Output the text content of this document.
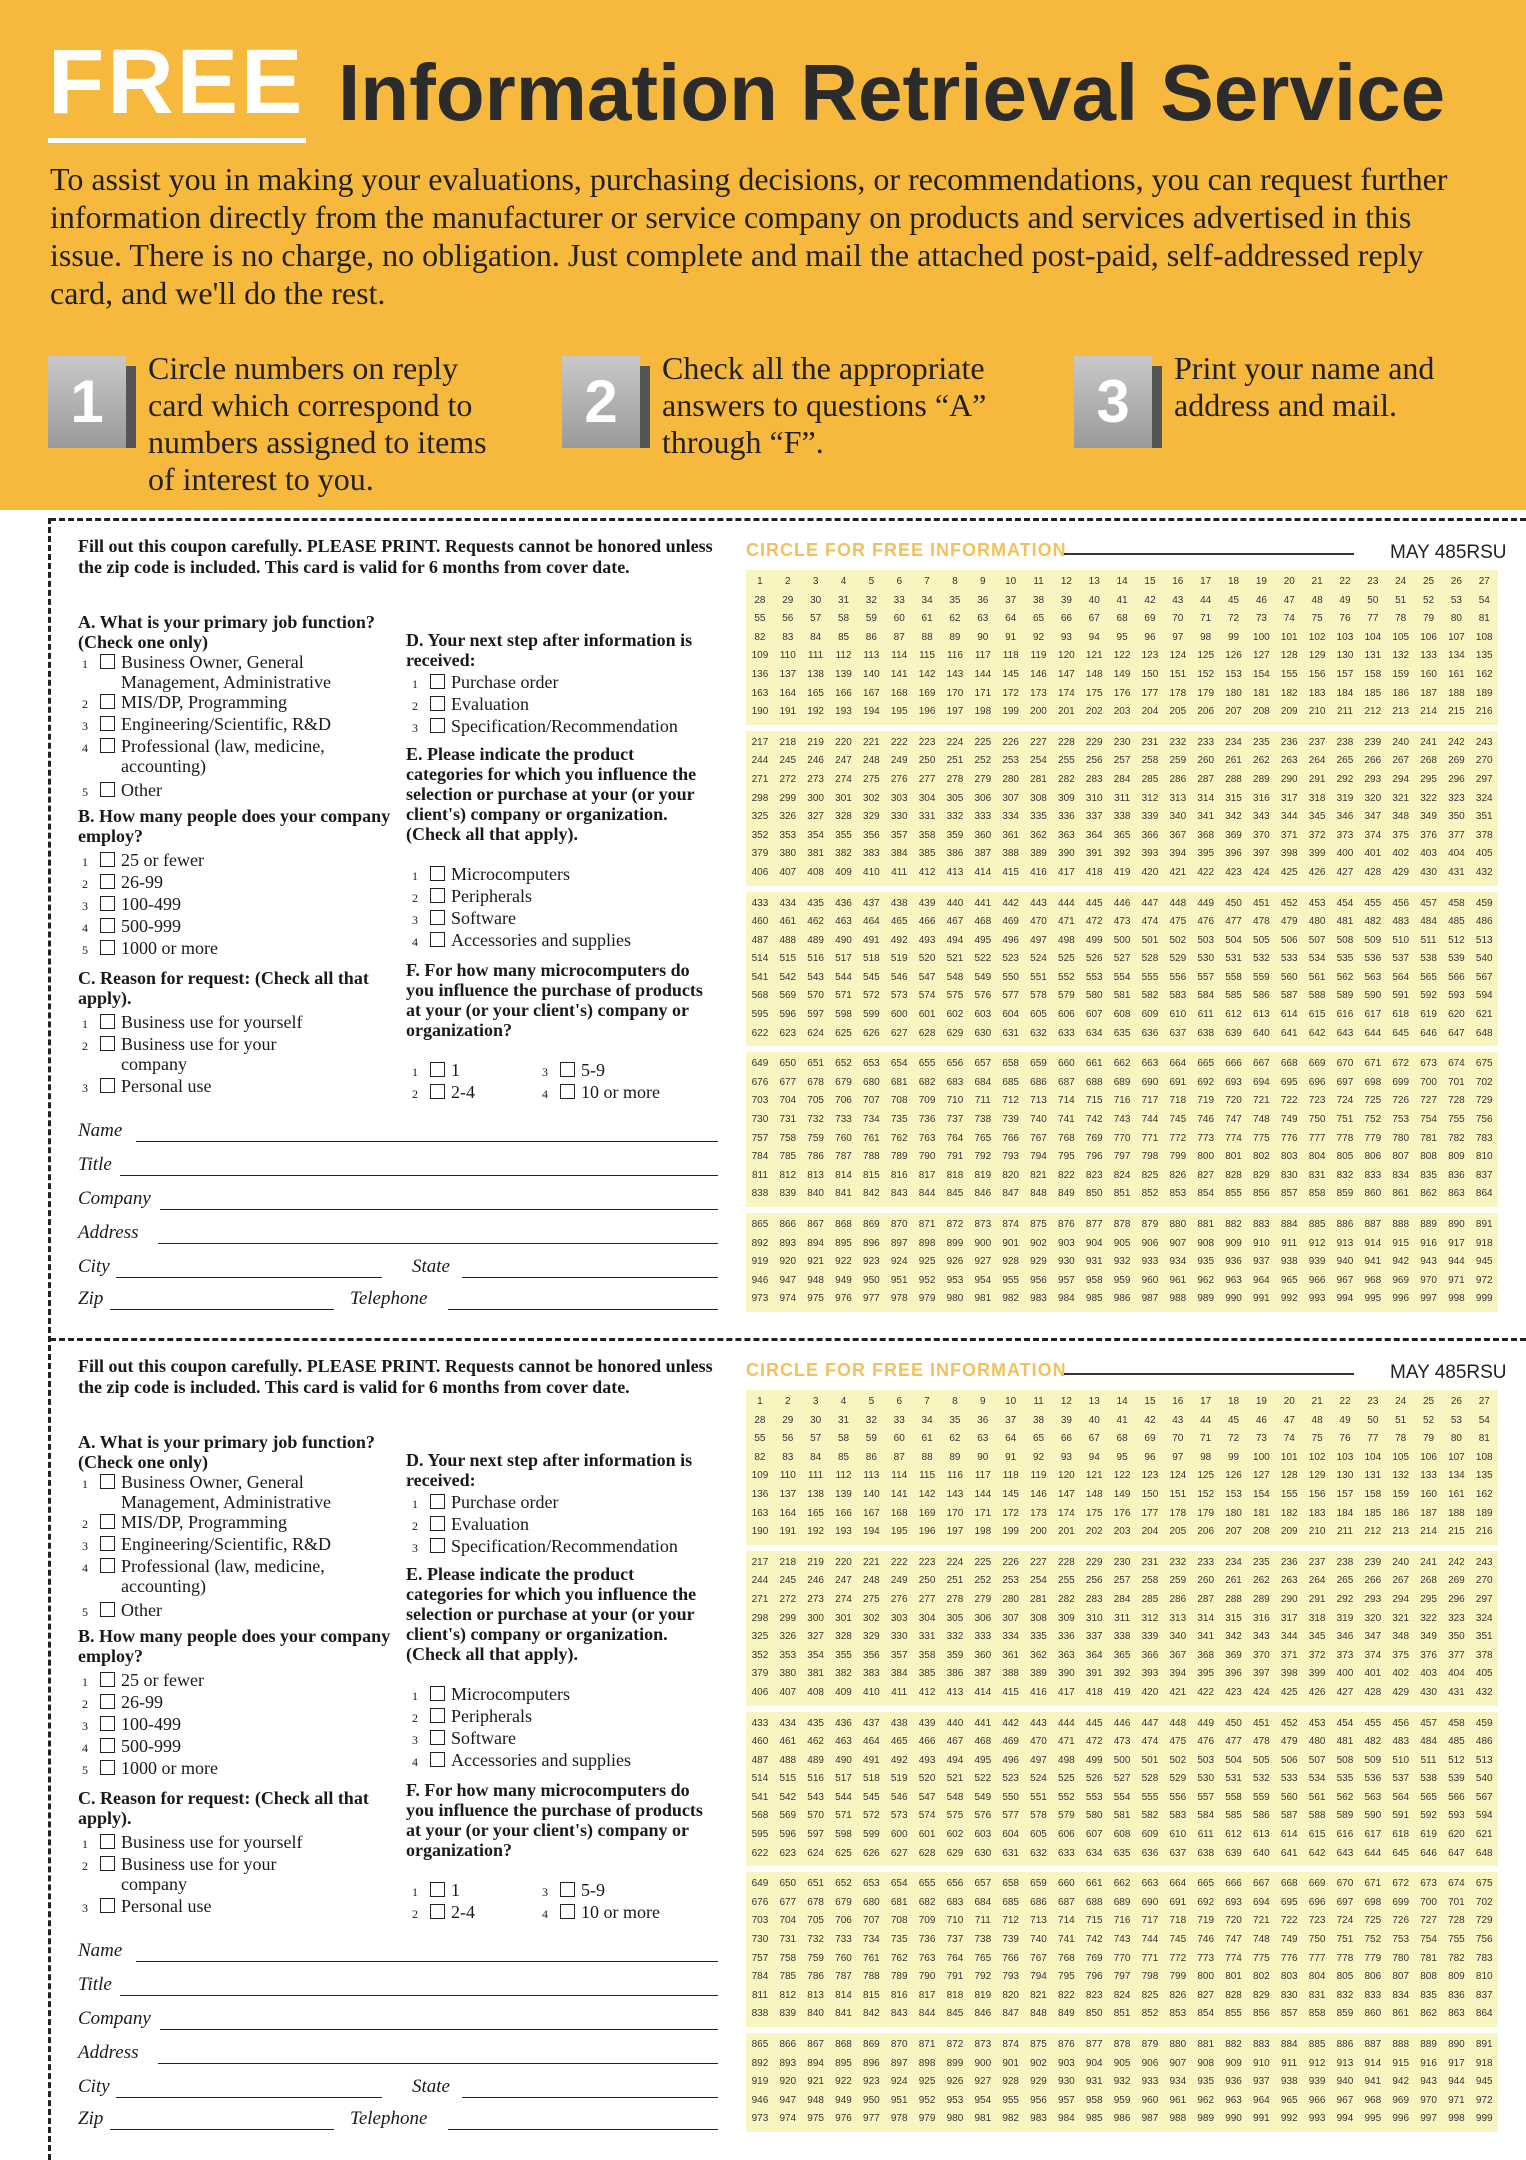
FREE Information Retrieval Service
To assist you in making your evaluations, purchasing decisions, or recommendations, you can request further information directly from the manufacturer or service company on products and services advertised in this issue. There is no charge, no obligation. Just complete and mail the attached post-paid, self-addressed reply card, and we'll do the rest.
1	Circle numbers on reply card which correspond to numbers assigned to items of interest to you.
2	Check all the appropriate answers to questions “A” through “F”.
3	Print your name and address and mail.
Fill out this coupon carefully. PLEASE PRINT. Requests cannot be honored unless the zip code is included. This card is valid for 6 months from cover date.
A. What is your primary job function? (Check one only)
1 Business Owner, General Management, Administrative
2 MIS/DP, Programming
3 Engineering/Scientific, R&D
4 Professional (law, medicine, accounting)
5 Other
B. How many people does your company employ?
1 25 or fewer
2 26-99
3 100-499
4 500-999
5 1000 or more
C. Reason for request: (Check all that apply).
1 Business use for yourself
2 Business use for your company
3 Personal use
D. Your next step after information is received:
1 Purchase order
2 Evaluation
3 Specification/Recommendation
E. Please indicate the product categories for which you influence the selection or purchase at your (or your client's) company or organization. (Check all that apply).
1 Microcomputers
2 Peripherals
3 Software
4 Accessories and supplies
F. For how many microcomputers do you influence the purchase of products at your (or your client's) company or organization?
1 1
2 2-4
3 5-9
4 10 or more
Name
Title
Company
Address
City	State
Zip	Telephone
CIRCLE FOR FREE INFORMATION	MAY 485RSU
1	2	3	4	5	6	7	8	9	10	11	12	13	14	15	16	17	18	19	20	21	22	23	24	25	26	27
28	29	30	31	32	33	34	35	36	37	38	39	40	41	42	43	44	45	46	47	48	49	50	51	52	53	54
55	56	57	58	59	60	61	62	63	64	65	66	67	68	69	70	71	72	73	74	75	76	77	78	79	80	81
82	83	84	85	86	87	88	89	90	91	92	93	94	95	96	97	98	99	100	101	102	103	104	105	106	107	108
109	110	111	112	113	114	115	116	117	118	119	120	121	122	123	124	125	126	127	128	129	130	131	132	133	134	135
136	137	138	139	140	141	142	143	144	145	146	147	148	149	150	151	152	153	154	155	156	157	158	159	160	161	162
163	164	165	166	167	168	169	170	171	172	173	174	175	176	177	178	179	180	181	182	183	184	185	186	187	188	189
190	191	192	193	194	195	196	197	198	199	200	201	202	203	204	205	206	207	208	209	210	211	212	213	214	215	216
217	218	219	220	221	222	223	224	225	226	227	228	229	230	231	232	233	234	235	236	237	238	239	240	241	242	243
244	245	246	247	248	249	250	251	252	253	254	255	256	257	258	259	260	261	262	263	264	265	266	267	268	269	270
271	272	273	274	275	276	277	278	279	280	281	282	283	284	285	286	287	288	289	290	291	292	293	294	295	296	297
298	299	300	301	302	303	304	305	306	307	308	309	310	311	312	313	314	315	316	317	318	319	320	321	322	323	324
325	326	327	328	329	330	331	332	333	334	335	336	337	338	339	340	341	342	343	344	345	346	347	348	349	350	351
352	353	354	355	356	357	358	359	360	361	362	363	364	365	366	367	368	369	370	371	372	373	374	375	376	377	378
379	380	381	382	383	384	385	386	387	388	389	390	391	392	393	394	395	396	397	398	399	400	401	402	403	404	405
406	407	408	409	410	411	412	413	414	415	416	417	418	419	420	421	422	423	424	425	426	427	428	429	430	431	432
433	434	435	436	437	438	439	440	441	442	443	444	445	446	447	448	449	450	451	452	453	454	455	456	457	458	459
460	461	462	463	464	465	466	467	468	469	470	471	472	473	474	475	476	477	478	479	480	481	482	483	484	485	486
487	488	489	490	491	492	493	494	495	496	497	498	499	500	501	502	503	504	505	506	507	508	509	510	511	512	513
514	515	516	517	518	519	520	521	522	523	524	525	526	527	528	529	530	531	532	533	534	535	536	537	538	539	540
541	542	543	544	545	546	547	548	549	550	551	552	553	554	555	556	557	558	559	560	561	562	563	564	565	566	567
568	569	570	571	572	573	574	575	576	577	578	579	580	581	582	583	584	585	586	587	588	589	590	591	592	593	594
595	596	597	598	599	600	601	602	603	604	605	606	607	608	609	610	611	612	613	614	615	616	617	618	619	620	621
622	623	624	625	626	627	628	629	630	631	632	633	634	635	636	637	638	639	640	641	642	643	644	645	646	647	648
649	650	651	652	653	654	655	656	657	658	659	660	661	662	663	664	665	666	667	668	669	670	671	672	673	674	675
676	677	678	679	680	681	682	683	684	685	686	687	688	689	690	691	692	693	694	695	696	697	698	699	700	701	702
703	704	705	706	707	708	709	710	711	712	713	714	715	716	717	718	719	720	721	722	723	724	725	726	727	728	729
730	731	732	733	734	735	736	737	738	739	740	741	742	743	744	745	746	747	748	749	750	751	752	753	754	755	756
757	758	759	760	761	762	763	764	765	766	767	768	769	770	771	772	773	774	775	776	777	778	779	780	781	782	783
784	785	786	787	788	789	790	791	792	793	794	795	796	797	798	799	800	801	802	803	804	805	806	807	808	809	810
811	812	813	814	815	816	817	818	819	820	821	822	823	824	825	826	827	828	829	830	831	832	833	834	835	836	837
838	839	840	841	842	843	844	845	846	847	848	849	850	851	852	853	854	855	856	857	858	859	860	861	862	863	864
865	866	867	868	869	870	871	872	873	874	875	876	877	878	879	880	881	882	883	884	885	886	887	888	889	890	891
892	893	894	895	896	897	898	899	900	901	902	903	904	905	906	907	908	909	910	911	912	913	914	915	916	917	918
919	920	921	922	923	924	925	926	927	928	929	930	931	932	933	934	935	936	937	938	939	940	941	942	943	944	945
946	947	948	949	950	951	952	953	954	955	956	957	958	959	960	961	962	963	964	965	966	967	968	969	970	971	972
973	974	975	976	977	978	979	980	981	982	983	984	985	986	987	988	989	990	991	992	993	994	995	996	997	998	999
Fill out this coupon carefully. PLEASE PRINT. Requests cannot be honored unless the zip code is included. This card is valid for 6 months from cover date.
A. What is your primary job function? (Check one only)
1 Business Owner, General Management, Administrative
2 MIS/DP, Programming
3 Engineering/Scientific, R&D
4 Professional (law, medicine, accounting)
5 Other
B. How many people does your company employ?
1 25 or fewer
2 26-99
3 100-499
4 500-999
5 1000 or more
C. Reason for request: (Check all that apply).
1 Business use for yourself
2 Business use for your company
3 Personal use
D. Your next step after information is received:
1 Purchase order
2 Evaluation
3 Specification/Recommendation
E. Please indicate the product categories for which you influence the selection or purchase at your (or your client's) company or organization. (Check all that apply).
1 Microcomputers
2 Peripherals
3 Software
4 Accessories and supplies
F. For how many microcomputers do you influence the purchase of products at your (or your client's) company or organization?
1 1
2 2-4
3 5-9
4 10 or more
Name
Title
Company
Address
City	State
Zip	Telephone
CIRCLE FOR FREE INFORMATION	MAY 485RSU
1	2	3	4	5	6	7	8	9	10	11	12	13	14	15	16	17	18	19	20	21	22	23	24	25	26	27
28	29	30	31	32	33	34	35	36	37	38	39	40	41	42	43	44	45	46	47	48	49	50	51	52	53	54
55	56	57	58	59	60	61	62	63	64	65	66	67	68	69	70	71	72	73	74	75	76	77	78	79	80	81
82	83	84	85	86	87	88	89	90	91	92	93	94	95	96	97	98	99	100	101	102	103	104	105	106	107	108
109	110	111	112	113	114	115	116	117	118	119	120	121	122	123	124	125	126	127	128	129	130	131	132	133	134	135
136	137	138	139	140	141	142	143	144	145	146	147	148	149	150	151	152	153	154	155	156	157	158	159	160	161	162
163	164	165	166	167	168	169	170	171	172	173	174	175	176	177	178	179	180	181	182	183	184	185	186	187	188	189
190	191	192	193	194	195	196	197	198	199	200	201	202	203	204	205	206	207	208	209	210	211	212	213	214	215	216
217	218	219	220	221	222	223	224	225	226	227	228	229	230	231	232	233	234	235	236	237	238	239	240	241	242	243
244	245	246	247	248	249	250	251	252	253	254	255	256	257	258	259	260	261	262	263	264	265	266	267	268	269	270
271	272	273	274	275	276	277	278	279	280	281	282	283	284	285	286	287	288	289	290	291	292	293	294	295	296	297
298	299	300	301	302	303	304	305	306	307	308	309	310	311	312	313	314	315	316	317	318	319	320	321	322	323	324
325	326	327	328	329	330	331	332	333	334	335	336	337	338	339	340	341	342	343	344	345	346	347	348	349	350	351
352	353	354	355	356	357	358	359	360	361	362	363	364	365	366	367	368	369	370	371	372	373	374	375	376	377	378
379	380	381	382	383	384	385	386	387	388	389	390	391	392	393	394	395	396	397	398	399	400	401	402	403	404	405
406	407	408	409	410	411	412	413	414	415	416	417	418	419	420	421	422	423	424	425	426	427	428	429	430	431	432
433	434	435	436	437	438	439	440	441	442	443	444	445	446	447	448	449	450	451	452	453	454	455	456	457	458	459
460	461	462	463	464	465	466	467	468	469	470	471	472	473	474	475	476	477	478	479	480	481	482	483	484	485	486
487	488	489	490	491	492	493	494	495	496	497	498	499	500	501	502	503	504	505	506	507	508	509	510	511	512	513
514	515	516	517	518	519	520	521	522	523	524	525	526	527	528	529	530	531	532	533	534	535	536	537	538	539	540
541	542	543	544	545	546	547	548	549	550	551	552	553	554	555	556	557	558	559	560	561	562	563	564	565	566	567
568	569	570	571	572	573	574	575	576	577	578	579	580	581	582	583	584	585	586	587	588	589	590	591	592	593	594
595	596	597	598	599	600	601	602	603	604	605	606	607	608	609	610	611	612	613	614	615	616	617	618	619	620	621
622	623	624	625	626	627	628	629	630	631	632	633	634	635	636	637	638	639	640	641	642	643	644	645	646	647	648
649	650	651	652	653	654	655	656	657	658	659	660	661	662	663	664	665	666	667	668	669	670	671	672	673	674	675
676	677	678	679	680	681	682	683	684	685	686	687	688	689	690	691	692	693	694	695	696	697	698	699	700	701	702
703	704	705	706	707	708	709	710	711	712	713	714	715	716	717	718	719	720	721	722	723	724	725	726	727	728	729
730	731	732	733	734	735	736	737	738	739	740	741	742	743	744	745	746	747	748	749	750	751	752	753	754	755	756
757	758	759	760	761	762	763	764	765	766	767	768	769	770	771	772	773	774	775	776	777	778	779	780	781	782	783
784	785	786	787	788	789	790	791	792	793	794	795	796	797	798	799	800	801	802	803	804	805	806	807	808	809	810
811	812	813	814	815	816	817	818	819	820	821	822	823	824	825	826	827	828	829	830	831	832	833	834	835	836	837
838	839	840	841	842	843	844	845	846	847	848	849	850	851	852	853	854	855	856	857	858	859	860	861	862	863	864
865	866	867	868	869	870	871	872	873	874	875	876	877	878	879	880	881	882	883	884	885	886	887	888	889	890	891
892	893	894	895	896	897	898	899	900	901	902	903	904	905	906	907	908	909	910	911	912	913	914	915	916	917	918
919	920	921	922	923	924	925	926	927	928	929	930	931	932	933	934	935	936	937	938	939	940	941	942	943	944	945
946	947	948	949	950	951	952	953	954	955	956	957	958	959	960	961	962	963	964	965	966	967	968	969	970	971	972
973	974	975	976	977	978	979	980	981	982	983	984	985	986	987	988	989	990	991	992	993	994	995	996	997	998	999
